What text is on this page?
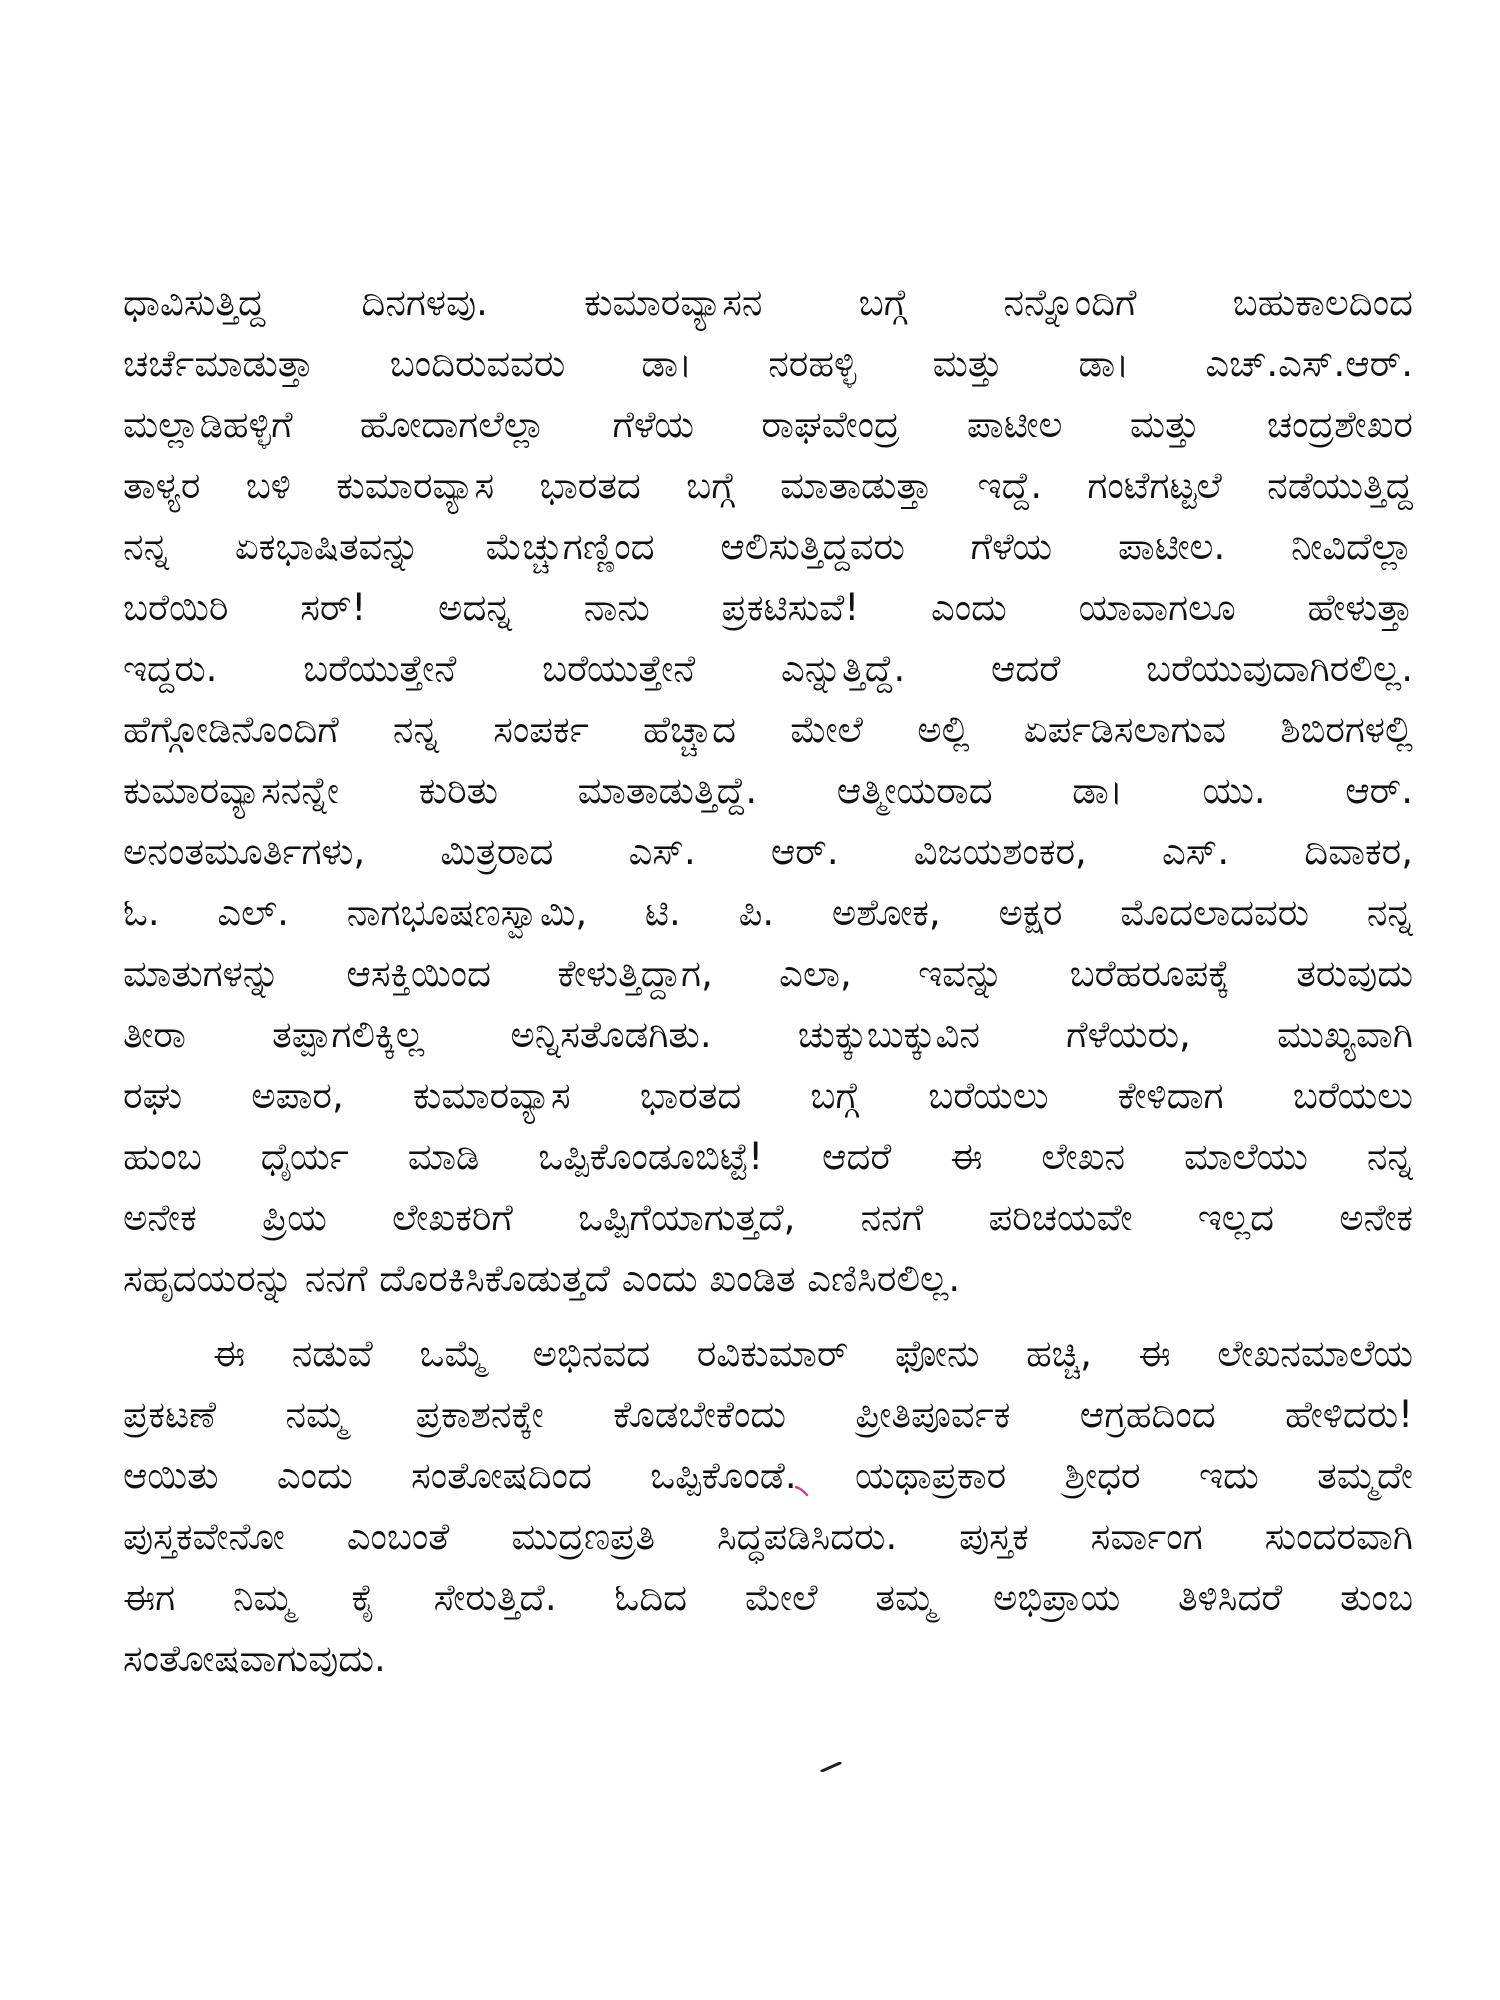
ಧಾವಿಸುತ್ತಿದ್ದ ದಿನಗಳವು. ಕುಮಾರವ್ಯಾಸನ ಬಗ್ಗೆ ನನ್ನೊಂದಿಗೆ ಬಹುಕಾಲದಿಂದ
ಚರ್ಚೆಮಾಡುತ್ತಾ ಬಂದಿರುವವರು ಡಾ। ನರಹಳ್ಳಿ ಮತ್ತು ಡಾ। ಎಚ್.ಎಸ್.ಆರ್.
ಮಲ್ಲಾಡಿಹಳ್ಳಿಗೆ ಹೋದಾಗಲೆಲ್ಲಾ ಗೆಳೆಯ ರಾಘವೇಂದ್ರ ಪಾಟೀಲ ಮತ್ತು ಚಂದ್ರಶೇಖರ
ತಾಳ್ಯರ ಬಳಿ ಕುಮಾರವ್ಯಾಸ ಭಾರತದ ಬಗ್ಗೆ ಮಾತಾಡುತ್ತಾ ಇದ್ದೆ. ಗಂಟೆಗಟ್ಟಲೆ ನಡೆಯುತ್ತಿದ್ದ
ನನ್ನ ಏಕಭಾಷಿತವನ್ನು ಮೆಚ್ಚುಗಣ್ಣಿಂದ ಆಲಿಸುತ್ತಿದ್ದವರು ಗೆಳೆಯ ಪಾಟೀಲ. ನೀವಿದೆಲ್ಲಾ
ಬರೆಯಿರಿ ಸರ್! ಅದನ್ನ ನಾನು ಪ್ರಕಟಿಸುವೆ! ಎಂದು ಯಾವಾಗಲೂ ಹೇಳುತ್ತಾ
ಇದ್ದರು. ಬರೆಯುತ್ತೇನೆ ಬರೆಯುತ್ತೇನೆ ಎನ್ನುತ್ತಿದ್ದೆ. ಆದರೆ ಬರೆಯುವುದಾಗಿರಲಿಲ್ಲ.
ಹೆಗ್ಗೋಡಿನೊಂದಿಗೆ ನನ್ನ ಸಂಪರ್ಕ ಹೆಚ್ಚಾದ ಮೇಲೆ ಅಲ್ಲಿ ಏರ್ಪಡಿಸಲಾಗುವ ಶಿಬಿರಗಳಲ್ಲಿ
ಕುಮಾರವ್ಯಾಸನನ್ನೇ ಕುರಿತು ಮಾತಾಡುತ್ತಿದ್ದೆ. ಆತ್ಮೀಯರಾದ ಡಾ। ಯು. ಆರ್.
ಅನಂತಮೂರ್ತಿಗಳು, ಮಿತ್ರರಾದ ಎಸ್. ಆರ್. ವಿಜಯಶಂಕರ, ಎಸ್. ದಿವಾಕರ,
ಓ. ಎಲ್. ನಾಗಭೂಷಣಸ್ವಾಮಿ, ಟಿ. ಪಿ. ಅಶೋಕ, ಅಕ್ಷರ ಮೊದಲಾದವರು ನನ್ನ
ಮಾತುಗಳನ್ನು ಆಸಕ್ತಿಯಿಂದ ಕೇಳುತ್ತಿದ್ದಾಗ, ಎಲಾ, ಇವನ್ನು ಬರೆಹರೂಪಕ್ಕೆ ತರುವುದು
ತೀರಾ ತಪ್ಪಾಗಲಿಕ್ಕಿಲ್ಲ ಅನ್ನಿಸತೊಡಗಿತು. ಚುಕ್ಕುಬುಕ್ಕುವಿನ ಗೆಳೆಯರು, ಮುಖ್ಯವಾಗಿ
ರಘು ಅಪಾರ, ಕುಮಾರವ್ಯಾಸ ಭಾರತದ ಬಗ್ಗೆ ಬರೆಯಲು ಕೇಳಿದಾಗ ಬರೆಯಲು
ಹುಂಬ ಧೈರ್ಯ ಮಾಡಿ ಒಪ್ಪಿಕೊಂಡೂಬಿಟ್ಟೆ! ಆದರೆ ಈ ಲೇಖನ ಮಾಲೆಯು ನನ್ನ
ಅನೇಕ ಪ್ರಿಯ ಲೇಖಕರಿಗೆ ಒಪ್ಪಿಗೆಯಾಗುತ್ತದೆ, ನನಗೆ ಪರಿಚಯವೇ ಇಲ್ಲದ ಅನೇಕ
ಸಹೃದಯರನ್ನು ನನಗೆ ದೊರಕಿಸಿಕೊಡುತ್ತದೆ ಎಂದು ಖಂಡಿತ ಎಣಿಸಿರಲಿಲ್ಲ.
ಈ ನಡುವೆ ಒಮ್ಮೆ ಅಭಿನವದ ರವಿಕುಮಾರ್ ಫೋನು ಹಚ್ಚಿ, ಈ ಲೇಖನಮಾಲೆಯ
ಪ್ರಕಟಣೆ ನಮ್ಮ ಪ್ರಕಾಶನಕ್ಕೇ ಕೊಡಬೇಕೆಂದು ಪ್ರೀತಿಪೂರ್ವಕ ಆಗ್ರಹದಿಂದ ಹೇಳಿದರು!
ಆಯಿತು ಎಂದು ಸಂತೋಷದಿಂದ ಒಪ್ಪಿಕೊಂಡೆ. ಯಥಾಪ್ರಕಾರ ಶ್ರೀಧರ ಇದು ತಮ್ಮದೇ
ಪುಸ್ತಕವೇನೋ ಎಂಬಂತೆ ಮುದ್ರಣಪ್ರತಿ ಸಿದ್ಧಪಡಿಸಿದರು. ಪುಸ್ತಕ ಸರ್ವಾಂಗ ಸುಂದರವಾಗಿ
ಈಗ ನಿಮ್ಮ ಕೈ ಸೇರುತ್ತಿದೆ. ಓದಿದ ಮೇಲೆ ತಮ್ಮ ಅಭಿಪ್ರಾಯ ತಿಳಿಸಿದರೆ ತುಂಬ
ಸಂತೋಷವಾಗುವುದು.
